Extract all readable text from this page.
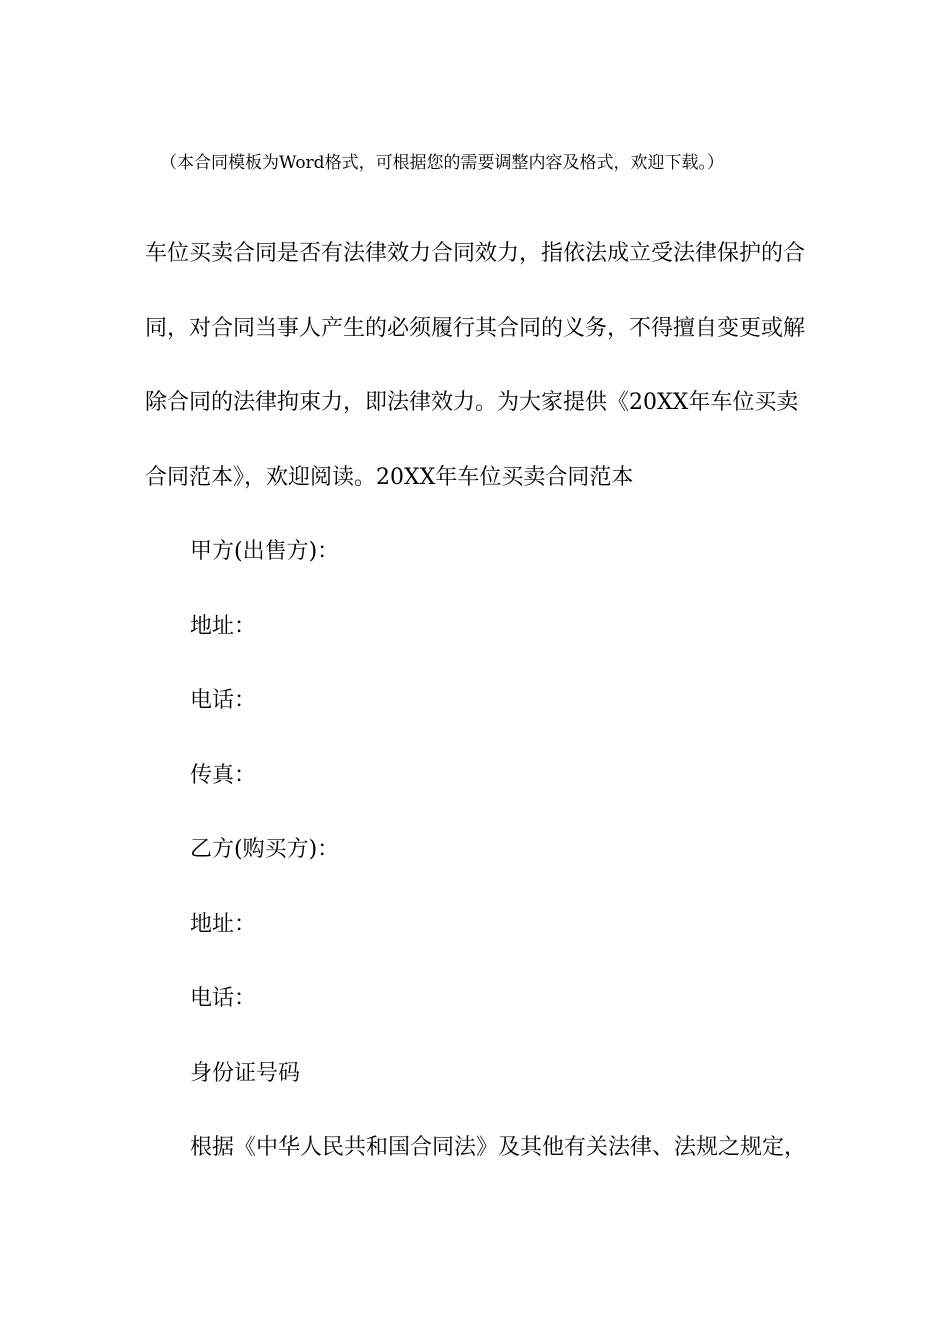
（本合同模板为Word格式，可根据您的需要调整内容及格式，欢迎下载。）

车位买卖合同是否有法律效力合同效力，指依法成立受法律保护的合同，对合同当事人产生的必须履行其合同的义务，不得擅自变更或解除合同的法律拘束力，即法律效力。为大家提供《20XX年车位买卖合同范本》，欢迎阅读。20XX年车位买卖合同范本

甲方(出售方)：

地址：

电话：

传真：

乙方(购买方)：

地址：

电话：

身份证号码

根据《中华人民共和国合同法》及其他有关法律、法规之规定，
